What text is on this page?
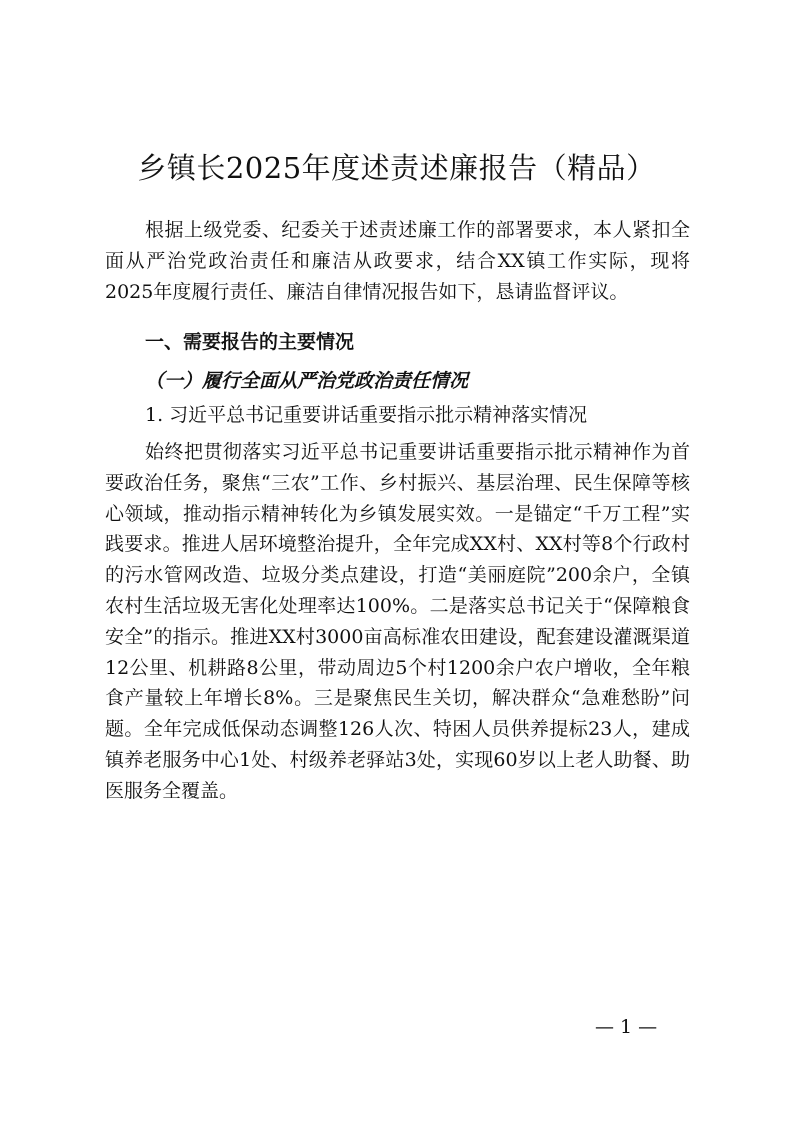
乡镇长2025年度述责述廉报告（精品）
根据上级党委、纪委关于述责述廉工作的部署要求，本人紧扣全面从严治党政治责任和廉洁从政要求，结合XX镇工作实际，现将2025年度履行责任、廉洁自律情况报告如下，恳请监督评议。
一、需要报告的主要情况
（一）履行全面从严治党政治责任情况
1. 习近平总书记重要讲话重要指示批示精神落实情况
始终把贯彻落实习近平总书记重要讲话重要指示批示精神作为首要政治任务，聚焦“三农”工作、乡村振兴、基层治理、民生保障等核心领域，推动指示精神转化为乡镇发展实效。一是锚定“千万工程”实践要求。推进人居环境整治提升，全年完成XX村、XX村等8个行政村的污水管网改造、垃圾分类点建设，打造“美丽庭院”200余户，全镇农村生活垃圾无害化处理率达100%。二是落实总书记关于“保障粮食安全”的指示。推进XX村3000亩高标准农田建设，配套建设灌溉渠道12公里、机耕路8公里，带动周边5个村1200余户农户增收，全年粮食产量较上年增长8%。三是聚焦民生关切，解决群众“急难愁盼”问题。全年完成低保动态调整126人次、特困人员供养提标23人，建成镇养老服务中心1处、村级养老驿站3处，实现60岁以上老人助餐、助医服务全覆盖。
— 1 —
